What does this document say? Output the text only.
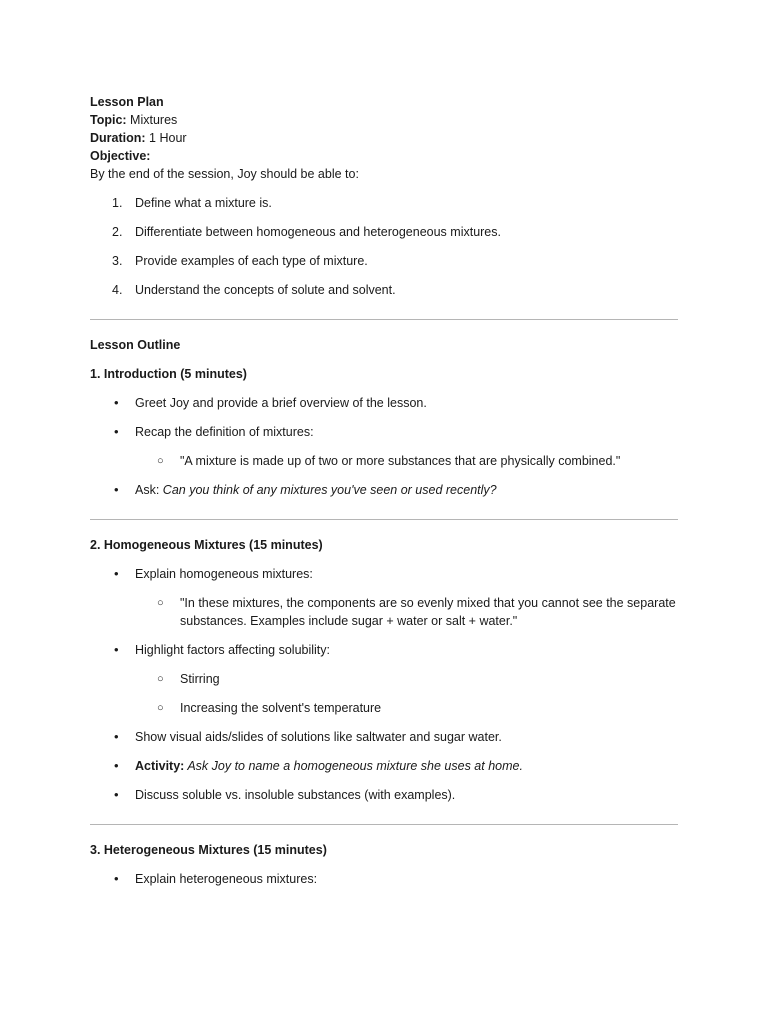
Lesson Plan

Topic: Mixtures

Duration: 1 Hour

Objective:

By the end of the session, Joy should be able to:

1. Define what a mixture is.
2. Differentiate between homogeneous and heterogeneous mixtures.
3. Provide examples of each type of mixture.
4. Understand the concepts of solute and solvent.

Lesson Outline

1. Introduction (5 minutes)

• Greet Joy and provide a brief overview of the lesson.
• Recap the definition of mixtures:
○ "A mixture is made up of two or more substances that are physically combined."
• Ask: Can you think of any mixtures you've seen or used recently?

2. Homogeneous Mixtures (15 minutes)

• Explain homogeneous mixtures:
○ "In these mixtures, the components are so evenly mixed that you cannot see the separate substances. Examples include sugar + water or salt + water."
• Highlight factors affecting solubility:
○ Stirring
○ Increasing the solvent's temperature
• Show visual aids/slides of solutions like saltwater and sugar water.
• Activity: Ask Joy to name a homogeneous mixture she uses at home.
• Discuss soluble vs. insoluble substances (with examples).

3. Heterogeneous Mixtures (15 minutes)

• Explain heterogeneous mixtures:
